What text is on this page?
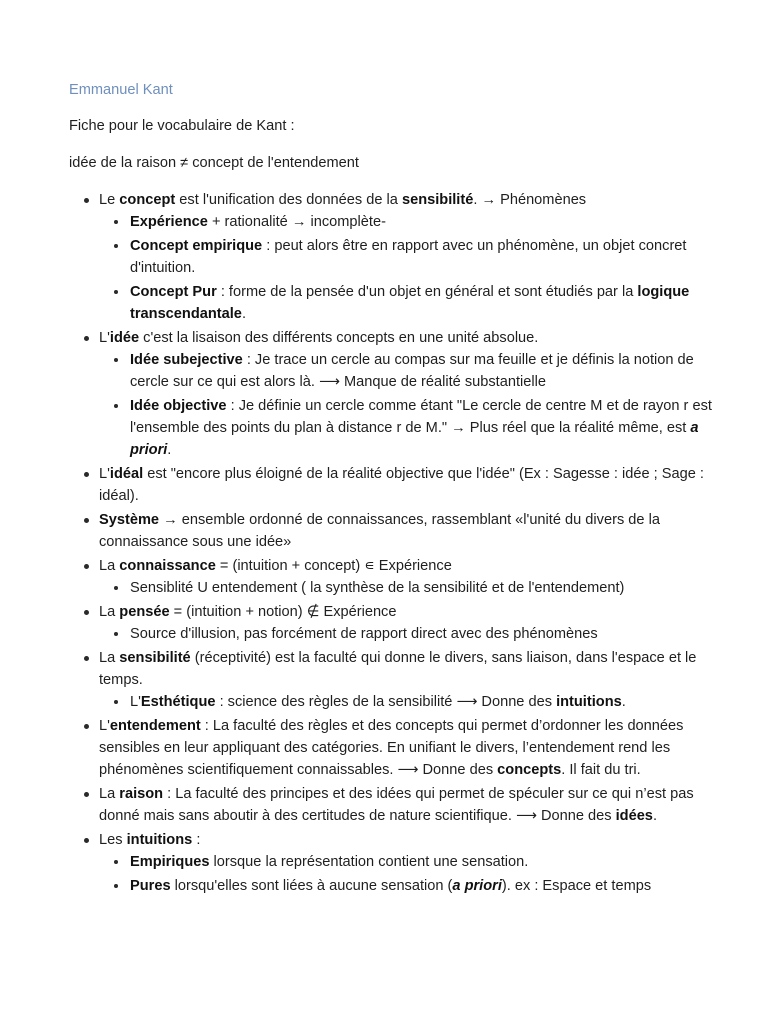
Emmanuel Kant
Fiche pour le vocabulaire de Kant :
idée de la raison ≠ concept de l'entendement
Le concept est l'unification des données de la sensibilité. → Phénomènes
Expérience + rationalité → incomplète-
Concept empirique : peut alors être en rapport avec un phénomène, un objet concret d'intuition.
Concept Pur : forme de la pensée d'un objet en général et sont étudiés par la logique transcendantale.
L'idée c'est la lisaison des différents concepts en une unité absolue.
Idée subejective : Je trace un cercle au compas sur ma feuille et je définis la notion de cercle sur ce qui est alors là. ⟶ Manque de réalité substantielle
Idée objective : Je définie un cercle comme étant "Le cercle de centre M et de rayon r est l'ensemble des points du plan à distance r de M." → Plus réel que la réalité même, est a priori.
L'idéal est "encore plus éloigné de la réalité objective que l'idée" (Ex : Sagesse : idée ; Sage : idéal).
Système → ensemble ordonné de connaissances, rassemblant «l'unité du divers de la connaissance sous une idée»
La connaissance = (intuition + concept) ∊ Expérience
Sensiblité U entendement ( la synthèse de la sensibilité et de l'entendement)
La pensée = (intuition + notion) ∉ Expérience
Source d'illusion, pas forcément de rapport direct avec des phénomènes
La sensibilité (réceptivité) est la faculté qui donne le divers, sans liaison, dans l'espace et le temps.
L'Esthétique : science des règles de la sensibilité ⟶ Donne des intuitions.
L'entendement : La faculté des règles et des concepts qui permet d’ordonner les données sensibles en leur appliquant des catégories. En unifiant le divers, l’entendement rend les phénomènes scientifiquement connaissables. ⟶ Donne des concepts. Il fait du tri.
La raison : La faculté des principes et des idées qui permet de spéculer sur ce qui n’est pas donné mais sans aboutir à des certitudes de nature scientifique. ⟶ Donne des idées.
Les intuitions :
Empiriques lorsque la représentation contient une sensation.
Pures lorsqu'elles sont liées à aucune sensation (a priori). ex : Espace et temps
